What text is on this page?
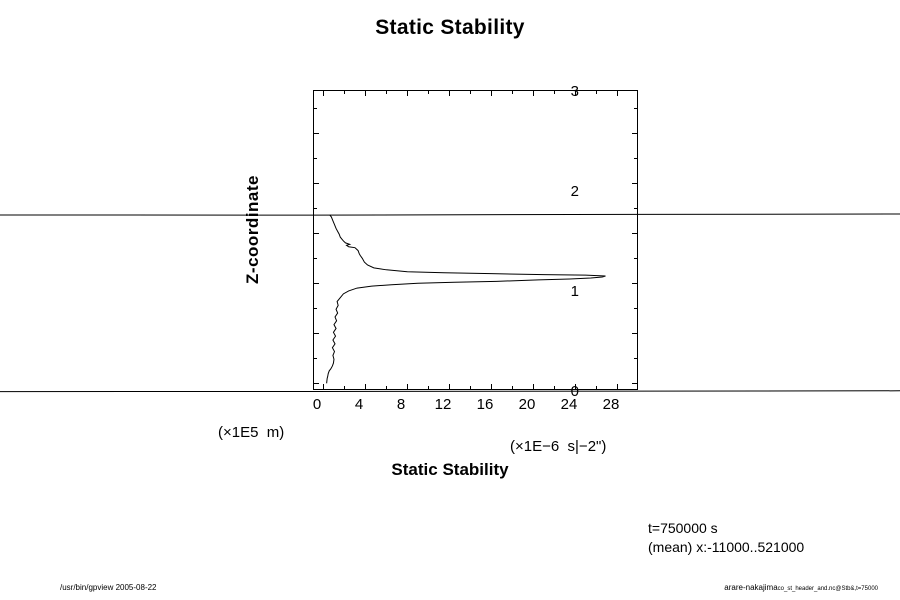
Static Stability
Z-coordinate
0
1
2
3
0	4	8	12	16	20	24	28
(×1E5  m)
(×1E−6  s|−2")
Static Stability
t=750000 s
(mean) x:-11000..521000
/usr/bin/gpview 2005-08-22	arare-nakajimaco_st_header_and.nc@Stb&,t=75000
